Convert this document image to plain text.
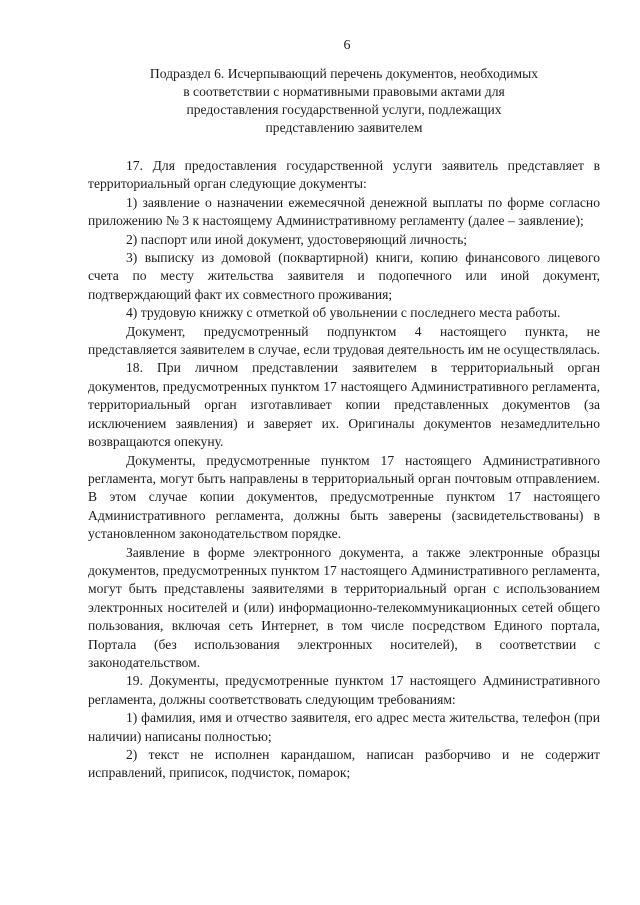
6
Подраздел 6. Исчерпывающий перечень документов, необходимых
в соответствии с нормативными правовыми актами для
предоставления государственной услуги, подлежащих
представлению заявителем

17. Для предоставления государственной услуги заявитель представляет в территориальный орган следующие документы:

1) заявление о назначении ежемесячной денежной выплаты по форме согласно приложению № 3 к настоящему Административному регламенту (далее – заявление);

2) паспорт или иной документ, удостоверяющий личность;

3) выписку из домовой (поквартирной) книги, копию финансового лицевого счета по месту жительства заявителя и подопечного или иной документ, подтверждающий факт их совместного проживания;

4) трудовую книжку с отметкой об увольнении с последнего места работы.

Документ, предусмотренный подпунктом 4 настоящего пункта, не представляется заявителем в случае, если трудовая деятельность им не осуществлялась.

18. При личном представлении заявителем в территориальный орган документов, предусмотренных пунктом 17 настоящего Административного регламента, территориальный орган изготавливает копии представленных документов (за исключением заявления) и заверяет их. Оригиналы документов незамедлительно возвращаются опекуну.

Документы, предусмотренные пунктом 17 настоящего Административного регламента, могут быть направлены в территориальный орган почтовым отправлением. В этом случае копии документов, предусмотренные пунктом 17 настоящего Административного регламента, должны быть заверены (засвидетельствованы) в установленном законодательством порядке.

Заявление в форме электронного документа, а также электронные образцы документов, предусмотренных пунктом 17 настоящего Административного регламента, могут быть представлены заявителями в территориальный орган с использованием электронных носителей и (или) информационно-телекоммуникационных сетей общего пользования, включая сеть Интернет, в том числе посредством Единого портала, Портала (без использования электронных носителей), в соответствии с законодательством.

19. Документы, предусмотренные пунктом 17 настоящего Административного регламента, должны соответствовать следующим требованиям:

1) фамилия, имя и отчество заявителя, его адрес места жительства, телефон (при наличии) написаны полностью;

2) текст не исполнен карандашом, написан разборчиво и не содержит исправлений, приписок, подчисток, помарок;
